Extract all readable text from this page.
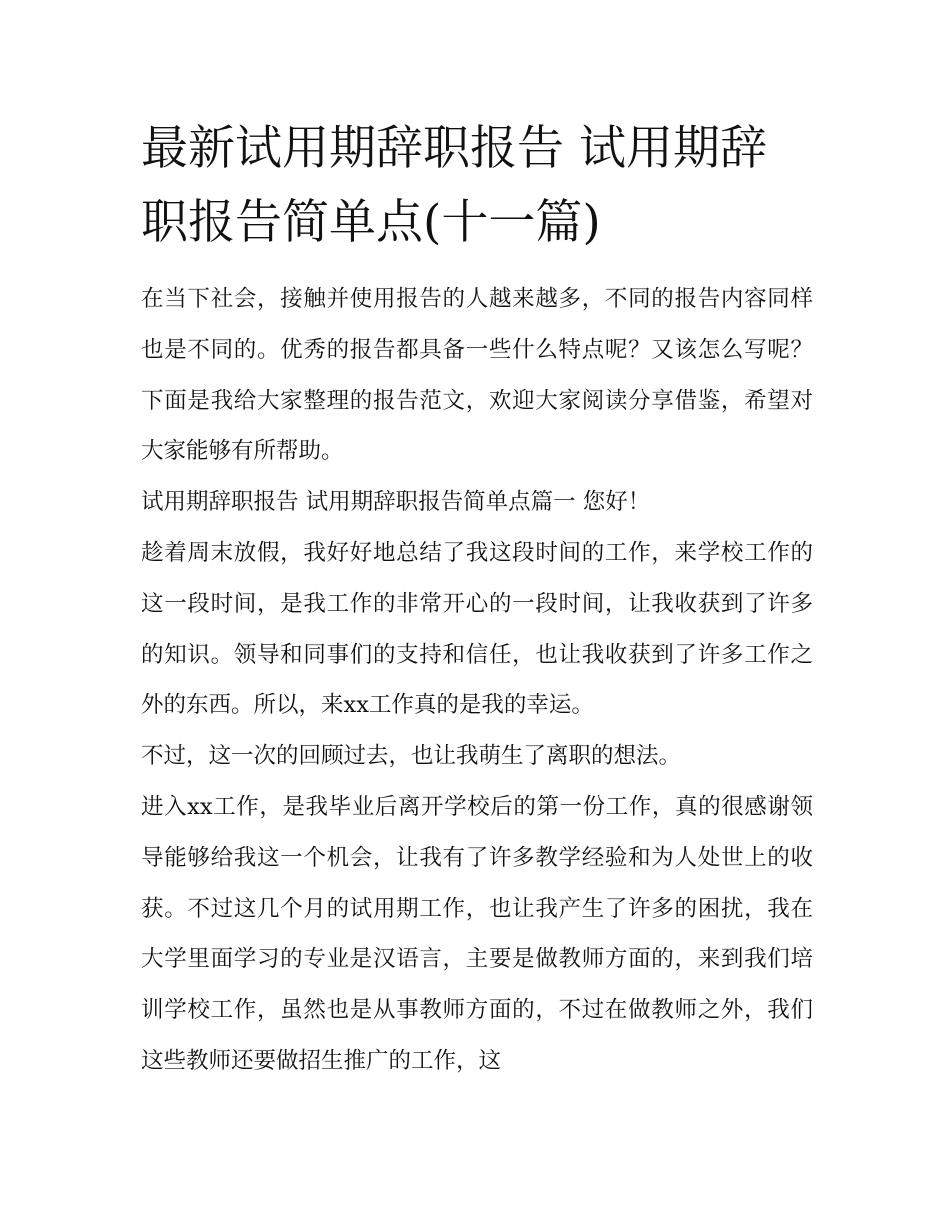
最新试用期辞职报告 试用期辞职报告简单点(十一篇)

在当下社会，接触并使用报告的人越来越多，不同的报告内容同样也是不同的。优秀的报告都具备一些什么特点呢？又该怎么写呢？下面是我给大家整理的报告范文，欢迎大家阅读分享借鉴，希望对大家能够有所帮助。

试用期辞职报告 试用期辞职报告简单点篇一 您好！

趁着周末放假，我好好地总结了我这段时间的工作，来学校工作的这一段时间，是我工作的非常开心的一段时间，让我收获到了许多的知识。领导和同事们的支持和信任，也让我收获到了许多工作之外的东西。所以，来xx工作真的是我的幸运。

不过，这一次的回顾过去，也让我萌生了离职的想法。

进入xx工作，是我毕业后离开学校后的第一份工作，真的很感谢领导能够给我这一个机会，让我有了许多教学经验和为人处世上的收获。不过这几个月的试用期工作，也让我产生了许多的困扰，我在大学里面学习的专业是汉语言，主要是做教师方面的，来到我们培训学校工作，虽然也是从事教师方面的，不过在做教师之外，我们这些教师还要做招生推广的工作，这
